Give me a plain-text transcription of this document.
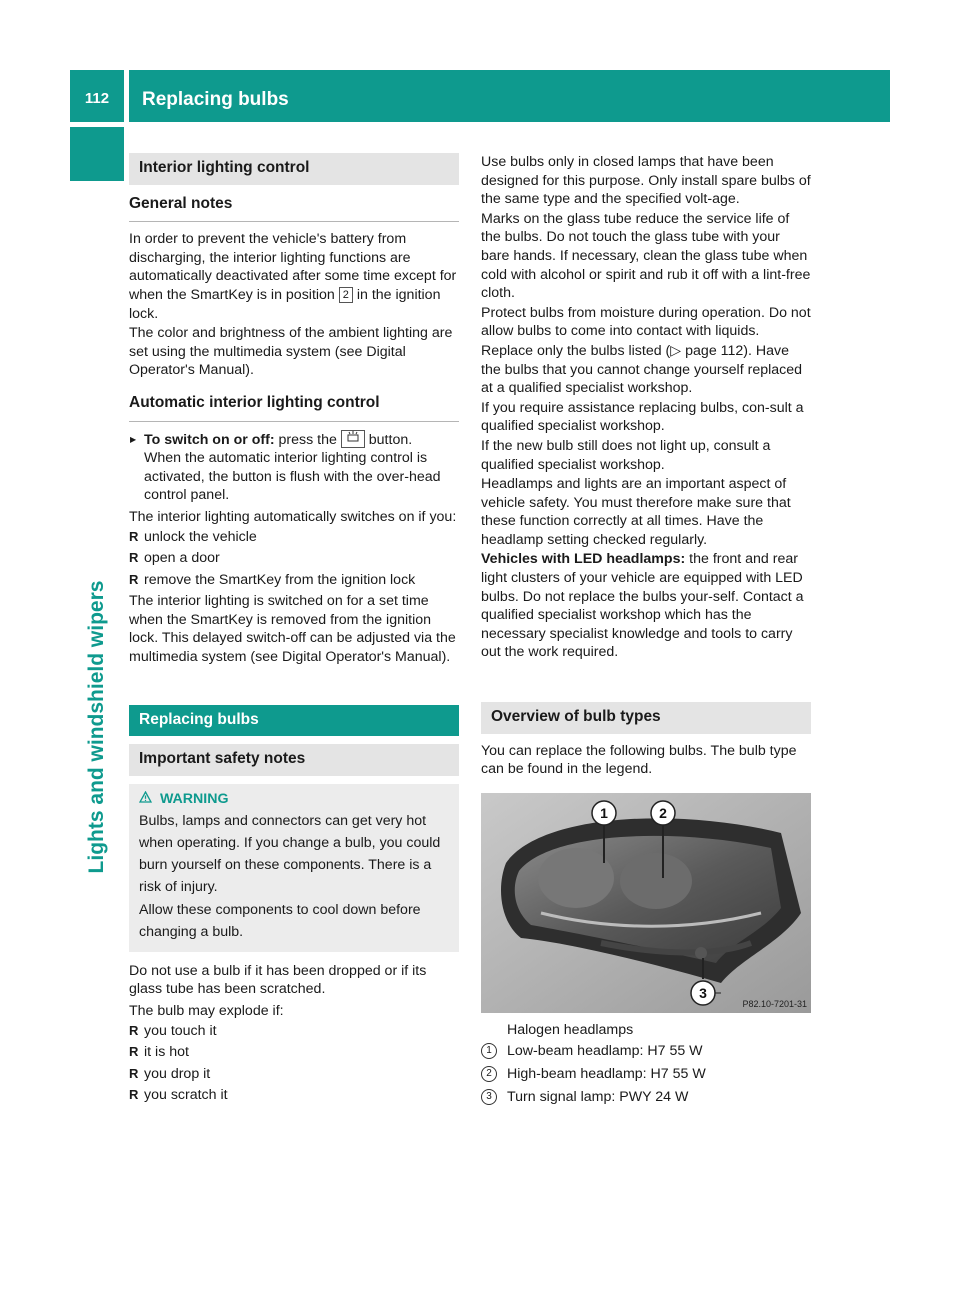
112	Replacing bulbs
Lights and windshield wipers
Interior lighting control
General notes

In order to prevent the vehicle's battery from discharging, the interior lighting functions are automatically deactivated after some time except for when the SmartKey is in position 2 in the ignition lock.

The color and brightness of the ambient lighting are set using the multimedia system (see Digital Operator's Manual).

Automatic interior lighting control
▶ To switch on or off: press the button.
When the automatic interior lighting control is activated, the button is flush with the over-head control panel.

The interior lighting automatically switches on if you:

R unlock the vehicle
R open a door
R remove the SmartKey from the ignition lock

The interior lighting is switched on for a set time when the SmartKey is removed from the ignition lock. This delayed switch-off can be adjusted via the multimedia system (see Digital Operator's Manual).

Replacing bulbs
Important safety notes
WARNING

Bulbs, lamps and connectors can get very hot when operating. If you change a bulb, you could burn yourself on these components. There is a risk of injury.

Allow these components to cool down before changing a bulb.

Do not use a bulb if it has been dropped or if its glass tube has been scratched.

The bulb may explode if:

R you touch it
R it is hot
R you drop it
R you scratch it

Use bulbs only in closed lamps that have been designed for this purpose. Only install spare bulbs of the same type and the specified volt-age.

Marks on the glass tube reduce the service life of the bulbs. Do not touch the glass tube with your bare hands. If necessary, clean the glass tube when cold with alcohol or spirit and rub it off with a lint-free cloth.

Protect bulbs from moisture during operation. Do not allow bulbs to come into contact with liquids.

Replace only the bulbs listed (▷ page 112). Have the bulbs that you cannot change yourself replaced at a qualified specialist workshop.

If you require assistance replacing bulbs, con-sult a qualified specialist workshop.

If the new bulb still does not light up, consult a qualified specialist workshop.

Headlamps and lights are an important aspect of vehicle safety. You must therefore make sure that these function correctly at all times. Have the headlamp setting checked regularly.

Vehicles with LED headlamps: the front and rear light clusters of your vehicle are equipped with LED bulbs. Do not replace the bulbs your-self. Contact a qualified specialist workshop which has the necessary specialist knowledge and tools to carry out the work required.

Overview of bulb types

You can replace the following bulbs. The bulb type can be found in the legend.

1	2
3
P82.10-7201-31

Halogen headlamps

1	Low-beam headlamp: H7 55 W
2	High-beam headlamp: H7 55 W
3	Turn signal lamp: PWY 24 W
